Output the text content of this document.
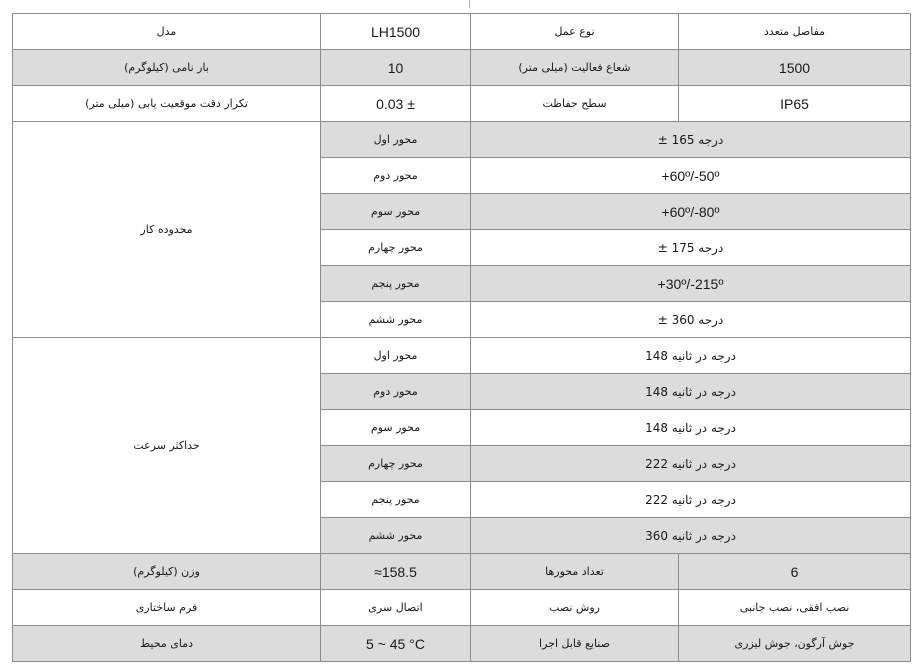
مدل	LH1500	نوع عمل	مفاصل متعدد
بار نامی (کیلوگرم)	10	شعاع فعالیت (میلی متر)	1500
تکرار دقت موقعیت یابی (میلی متر)	0.03 ±	سطح حفاظت	IP65
محدوده کار	محور اول	درجه 165 ±	
	محور دوم	+60º/-50º	
	محور سوم	+60º/-80º	
	محور چهارم	درجه 175 ±	
	محور پنجم	+30º/-215º	
	محور ششم	درجه 360 ±	
حداکثر سرعت	محور اول	درجه در ثانیه 148	
	محور دوم	درجه در ثانیه 148	
	محور سوم	درجه در ثانیه 148	
	محور چهارم	درجه در ثانیه 222	
	محور پنجم	درجه در ثانیه 222	
	محور ششم	درجه در ثانیه 360	
وزن (کیلوگرم)	≈158.5	تعداد محورها	6
فرم ساختاری	اتصال سری	روش نصب	نصب افقی، نصب جانبی
دمای محیط	5 ~ 45 °C	صنایع قابل اجرا	جوش آرگون، جوش لیزری
